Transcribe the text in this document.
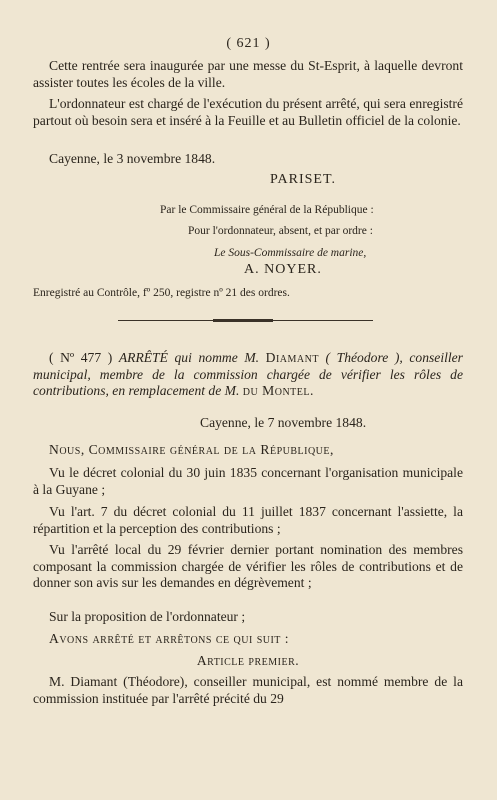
( 621 )

Cette rentrée sera inaugurée par une messe du St-Esprit, à laquelle devront assister toutes les écoles de la ville.

L'ordonnateur est chargé de l'exécution du présent arrêté, qui sera enregistré partout où besoin sera et inséré à la Feuille et au Bulletin officiel de la colonie.

Cayenne, le 3 novembre 1848.

PARISET.

Par le Commissaire général de la République :

Pour l'ordonnateur, absent, et par ordre :

Le Sous-Commissaire de marine,

A. NOYER.

Enregistré au Contrôle, fº 250, registre nº 21 des ordres.

( Nº 477 ) ARRÊTÉ qui nomme M. Diamant ( Théodore ), conseiller municipal, membre de la commission chargée de vérifier les rôles de contributions, en remplacement de M. du Montel.

Cayenne, le 7 novembre 1848.

Nous, Commissaire général de la République,

Vu le décret colonial du 30 juin 1835 concernant l'organisation municipale à la Guyane ;

Vu l'art. 7 du décret colonial du 11 juillet 1837 concernant l'assiette, la répartition et la perception des contributions ;

Vu l'arrêté local du 29 février dernier portant nomination des membres composant la commission chargée de vérifier les rôles de contributions et de donner son avis sur les demandes en dégrèvement ;

Sur la proposition de l'ordonnateur ;

Avons arrêté et arrêtons ce qui suit :

Article premier.

M. Diamant (Théodore), conseiller municipal, est nommé membre de la commission instituée par l'arrêté précité du 29
